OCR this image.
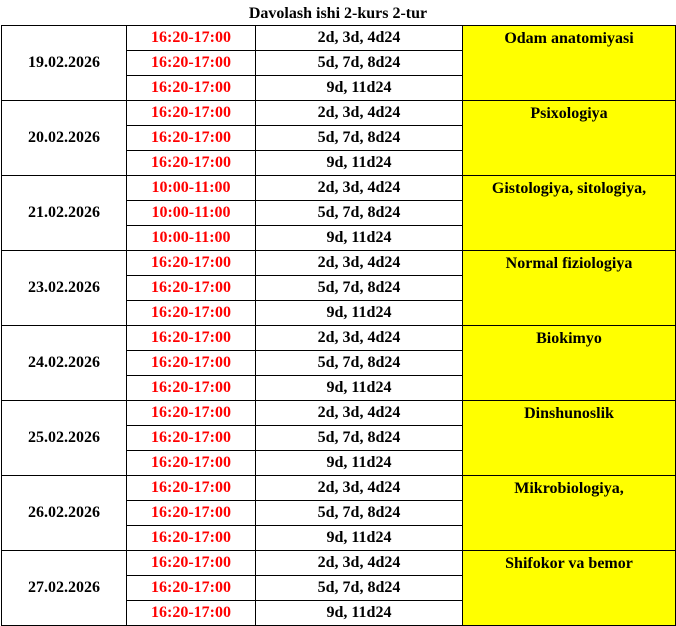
Davolash ishi 2-kurs 2-tur
19.02.2026	16:20-17:00	2d, 3d, 4d24	Odam anatomiyasi
	16:20-17:00	5d, 7d, 8d24	
	16:20-17:00	9d, 11d24	
20.02.2026	16:20-17:00	2d, 3d, 4d24	Psixologiya
	16:20-17:00	5d, 7d, 8d24	
	16:20-17:00	9d, 11d24	
21.02.2026	10:00-11:00	2d, 3d, 4d24	Gistologiya, sitologiya,
	10:00-11:00	5d, 7d, 8d24	
	10:00-11:00	9d, 11d24	
23.02.2026	16:20-17:00	2d, 3d, 4d24	Normal fiziologiya
	16:20-17:00	5d, 7d, 8d24	
	16:20-17:00	9d, 11d24	
24.02.2026	16:20-17:00	2d, 3d, 4d24	Biokimyo
	16:20-17:00	5d, 7d, 8d24	
	16:20-17:00	9d, 11d24	
25.02.2026	16:20-17:00	2d, 3d, 4d24	Dinshunoslik
	16:20-17:00	5d, 7d, 8d24	
	16:20-17:00	9d, 11d24	
26.02.2026	16:20-17:00	2d, 3d, 4d24	Mikrobiologiya,
	16:20-17:00	5d, 7d, 8d24	
	16:20-17:00	9d, 11d24	
27.02.2026	16:20-17:00	2d, 3d, 4d24	Shifokor va bemor
	16:20-17:00	5d, 7d, 8d24	
	16:20-17:00	9d, 11d24	
